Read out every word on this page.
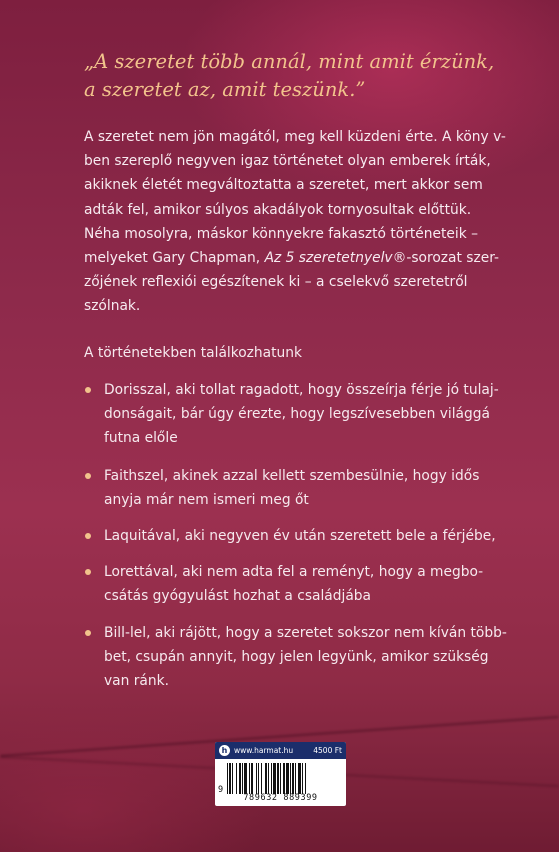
„A szeretet több annál, mint amit érzünk,
a szeretet az, amit teszünk.”
A szeretet nem jön magától, meg kell küzdeni érte. A köny v-
ben szereplő negyven igaz történetet olyan emberek írták,
akiknek életét megváltoztatta a szeretet, mert akkor sem
adták fel, amikor súlyos akadályok tornyosultak előttük.
Néha mosolyra, máskor könnyekre fakasztó történeteik –
melyeket Gary Chapman, Az 5 szeretetnyelv®-sorozat szer-
zőjének reflexiói egészítenek ki – a cselekvő szeretetről
szólnak.
A történetekben találkozhatunk
Dorisszal, aki tollat ragadott, hogy összeírja férje jó tulaj-
donságait, bár úgy érezte, hogy legszívesebben világgá
futna előle
Faithszel, akinek azzal kellett szembesülnie, hogy idős
anyja már nem ismeri meg őt
Laquitával, aki negyven év után szeretett bele a férjébe,
Lorettával, aki nem adta fel a reményt, hogy a megbo-
csátás gyógyulást hozhat a családjába
Bill-lel, aki rájött, hogy a szeretet sokszor nem kíván több-
bet, csupán annyit, hogy jelen legyünk, amikor szükség
van ránk.
h www.harmat.hu	4500 Ft
9
789632 889399
